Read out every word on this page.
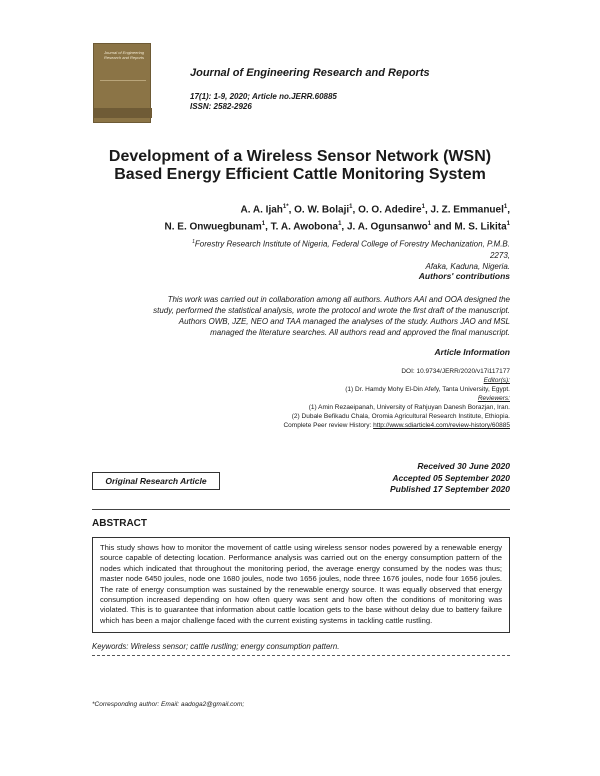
Journal of Engineering Research and Reports
Journal of Engineering Research and Reports
17(1): 1-9, 2020; Article no.JERR.60885
ISSN: 2582-2926
Development of a Wireless Sensor Network (WSN)
Based Energy Efficient Cattle Monitoring System
A. A. Ijah$^{1*}$, O. W. Bolaji$^1$, O. O. Adedire$^1$, J. Z. Emmanuel$^1$,
N. E. Onwuegbunam$^1$, T. A. Awobona$^1$, J. A. Ogunsanwo$^1$ and M. S. Likita$^1$
$^1$Forestry Research Institute of Nigeria, Federal College of Forestry Mechanization, P.M.B. 2273,
Afaka, Kaduna, Nigeria.
Authors' contributions
This work was carried out in collaboration among all authors. Authors AAI and OOA designed the
study, performed the statistical analysis, wrote the protocol and wrote the first draft of the manuscript.
Authors OWB, JZE, NEO and TAA managed the analyses of the study. Authors JAO and MSL
managed the literature searches. All authors read and approved the final manuscript.
Article Information
DOI: 10.9734/JERR/2020/v17i117177
Editor(s):
(1) Dr. Hamdy Mohy El-Din Afefy, Tanta University, Egypt.
Reviewers:
(1) Amin Rezaeipanah, University of Rahjuyan Danesh Borazjan, Iran.
(2) Dubale Befikadu Chala, Oromia Agricultural Research Institute, Ethiopia.
Complete Peer review History: http://www.sdiarticle4.com/review-history/60885
Original Research Article
Received 30 June 2020
Accepted 05 September 2020
Published 17 September 2020
ABSTRACT
This study shows how to monitor the movement of cattle using wireless sensor nodes powered by a renewable energy source capable of detecting location. Performance analysis was carried out on the energy consumption pattern of the nodes which indicated that throughout the monitoring period, the average energy consumed by the nodes was thus; master node 6450 joules, node one 1680 joules, node two 1656 joules, node three 1676 joules, node four 1656 joules. The rate of energy consumption was sustained by the renewable energy source. It was equally observed that energy consumption increased depending on how often query was sent and how often the conditions of monitoring was violated. This is to guarantee that information about cattle location gets to the base without delay due to battery failure which has been a major challenge faced with the current existing systems in tackling cattle rustling.
Keywords: Wireless sensor; cattle rustling; energy consumption pattern.
*Corresponding author: Email: aadoga2@gmail.com;
